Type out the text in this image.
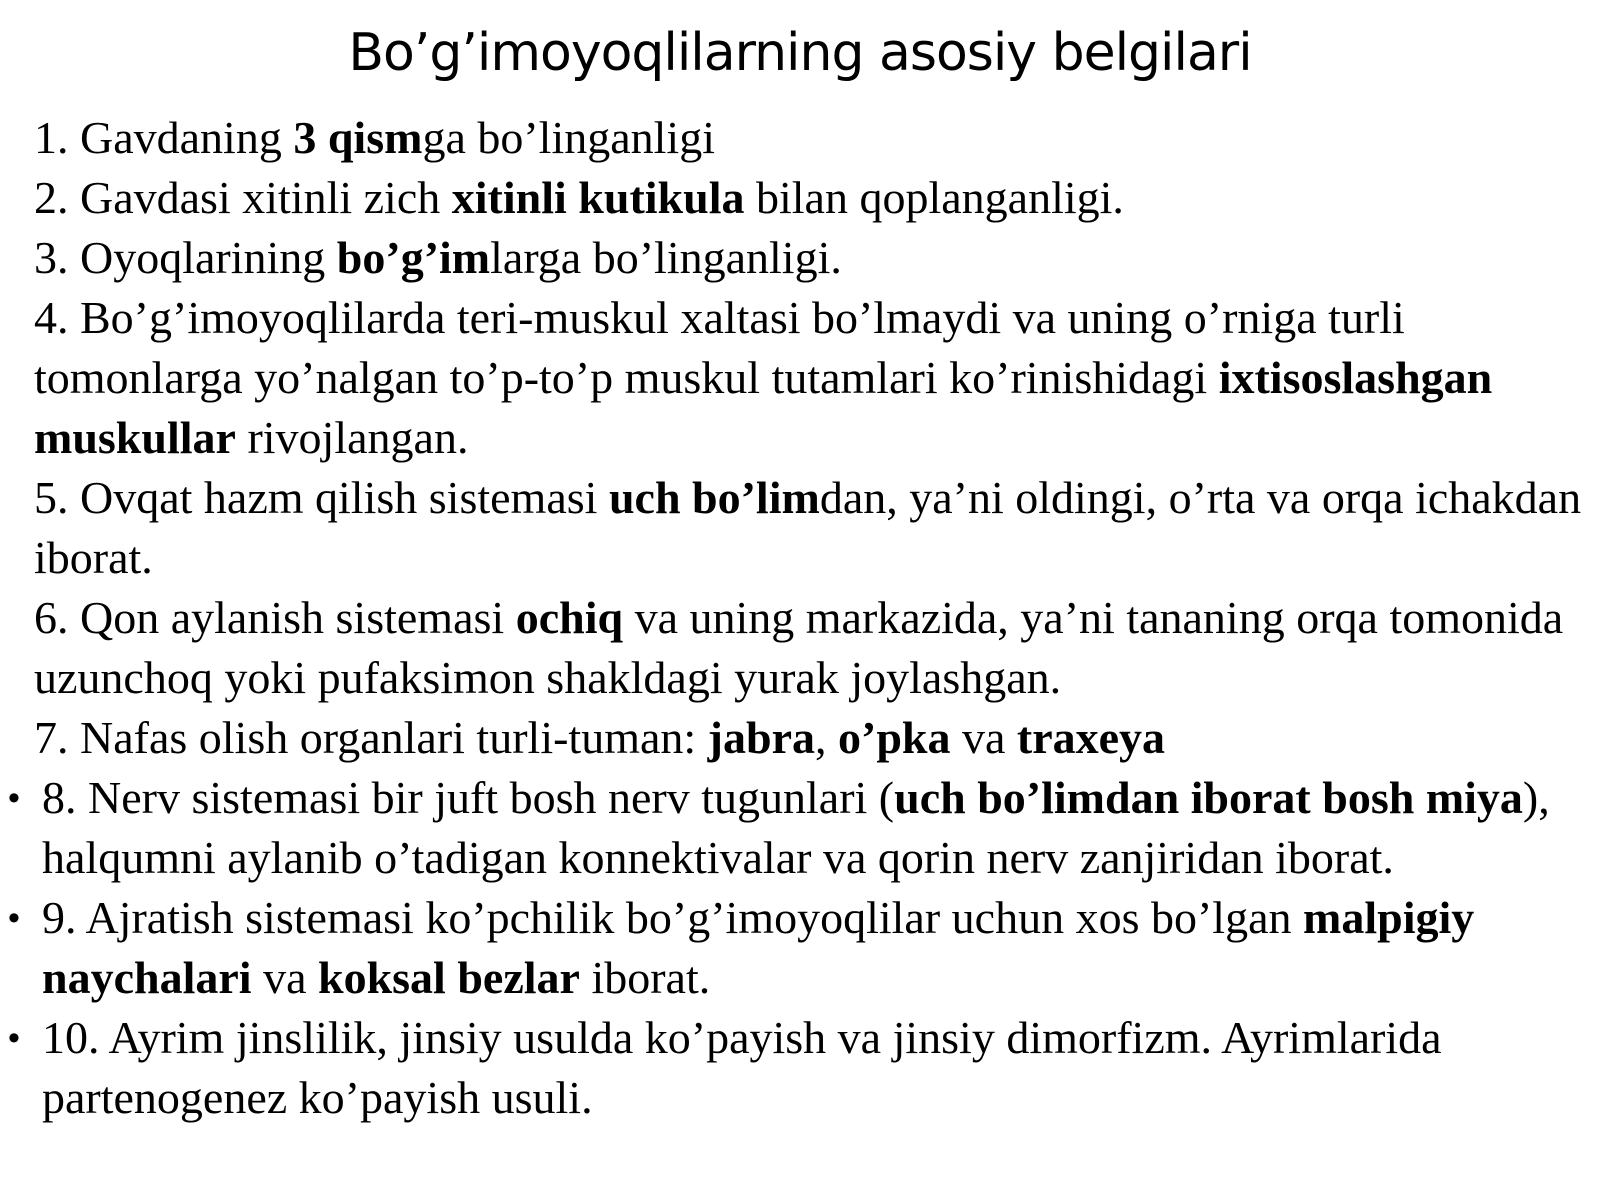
Bo’g’imoyoqlilarning asosiy belgilari

1. Gavdaning 3 qismga bo’linganligi

2. Gavdasi xitinli zich xitinli kutikula bilan qoplanganligi.

3. Oyoqlarining bo’g’imlarga bo’linganligi.

4. Bo’g’imoyoqlilarda teri-muskul xaltasi bo’lmaydi va uning o’rniga turli tomonlarga yo’nalgan to’p-to’p muskul tutamlari ko’rinishidagi ixtisoslashgan muskullar rivojlangan.

5. Ovqat hazm qilish sistemasi uch bo’limdan, ya’ni oldingi, o’rta va orqa ichakdan iborat.

6. Qon aylanish sistemasi ochiq va uning markazida, ya’ni tananing orqa tomonida uzunchoq yoki pufaksimon shakldagi yurak joylashgan.

7. Nafas olish organlari turli-tuman: jabra, o’pka va traxeya

• 8. Nerv sistemasi bir juft bosh nerv tugunlari (uch bo’limdan iborat bosh miya), halqumni aylanib o’tadigan konnektivalar va qorin nerv zanjiridan iborat.

• 9. Ajratish sistemasi ko’pchilik bo’g’imoyoqlilar uchun xos bo’lgan malpigiy naychalari va koksal bezlar iborat.

• 10. Ayrim jinslilik, jinsiy usulda ko’payish va jinsiy dimorfizm. Ayrimlarida partenogenez ko’payish usuli.
